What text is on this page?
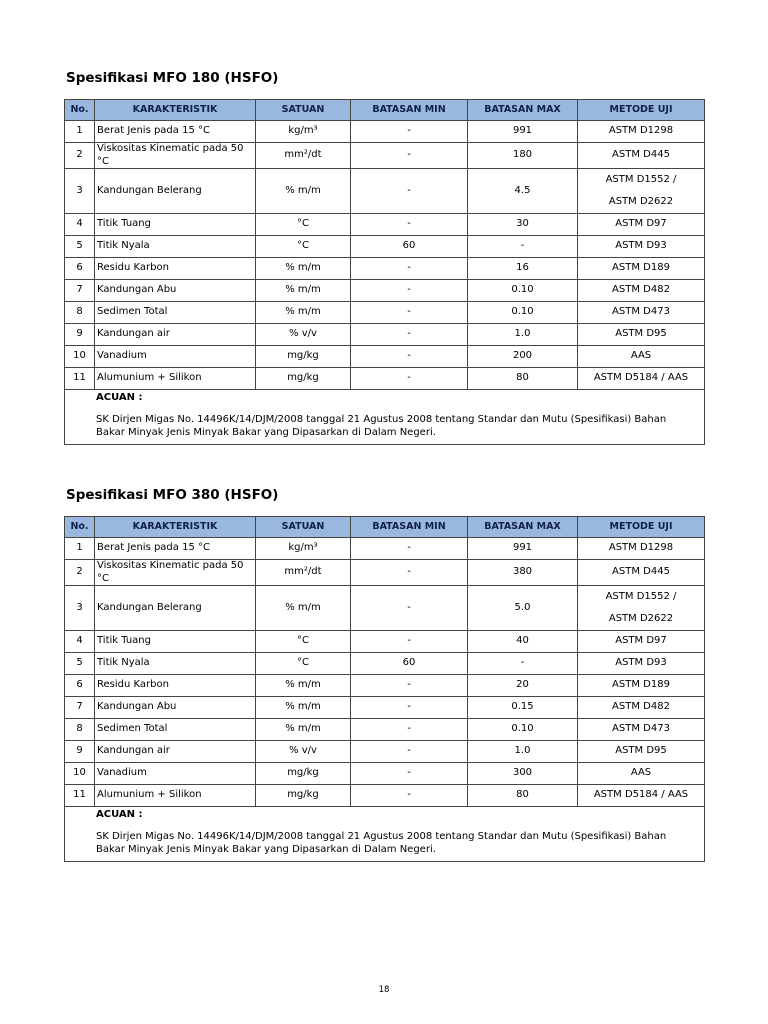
Spesifikasi MFO 180 (HSFO)
No.	KARAKTERISTIK	SATUAN	BATASAN MIN	BATASAN MAX	METODE UJI
1	Berat Jenis pada 15 °C	kg/m³	-	991	ASTM D1298
2	Viskositas Kinematic pada 50 °C	mm²/dt	-	180	ASTM D445
3	Kandungan Belerang	% m/m	-	4.5	ASTM D1552 /
ASTM D2622

4	Titik Tuang	°C	-	30	ASTM D97
5	Titik Nyala	°C	60	-	ASTM D93
6	Residu Karbon	% m/m	-	16	ASTM D189
7	Kandungan Abu	% m/m	-	0.10	ASTM D482
8	Sedimen Total	% m/m	-	0.10	ASTM D473
9	Kandungan air	% v/v	-	1.0	ASTM D95
10	Vanadium	mg/kg	-	200	AAS
11	Alumunium + Silikon	mg/kg	-	80	ASTM D5184 / AAS

ACUAN :
SK Dirjen Migas No. 14496K/14/DJM/2008 tanggal 21 Agustus 2008 tentang Standar dan Mutu (Spesifikasi) Bahan Bakar Minyak Jenis Minyak Bakar yang Dipasarkan di Dalam Negeri.					
Spesifikasi MFO 380 (HSFO)
No.	KARAKTERISTIK	SATUAN	BATASAN MIN	BATASAN MAX	METODE UJI
1	Berat Jenis pada 15 °C	kg/m³	-	991	ASTM D1298
2	Viskositas Kinematic pada 50 °C	mm²/dt	-	380	ASTM D445
3	Kandungan Belerang	% m/m	-	5.0	ASTM D1552 /
ASTM D2622

4	Titik Tuang	°C	-	40	ASTM D97
5	Titik Nyala	°C	60	-	ASTM D93
6	Residu Karbon	% m/m	-	20	ASTM D189
7	Kandungan Abu	% m/m	-	0.15	ASTM D482
8	Sedimen Total	% m/m	-	0.10	ASTM D473
9	Kandungan air	% v/v	-	1.0	ASTM D95
10	Vanadium	mg/kg	-	300	AAS
11	Alumunium + Silikon	mg/kg	-	80	ASTM D5184 / AAS

ACUAN :
SK Dirjen Migas No. 14496K/14/DJM/2008 tanggal 21 Agustus 2008 tentang Standar dan Mutu (Spesifikasi) Bahan Bakar Minyak Jenis Minyak Bakar yang Dipasarkan di Dalam Negeri.					
18
